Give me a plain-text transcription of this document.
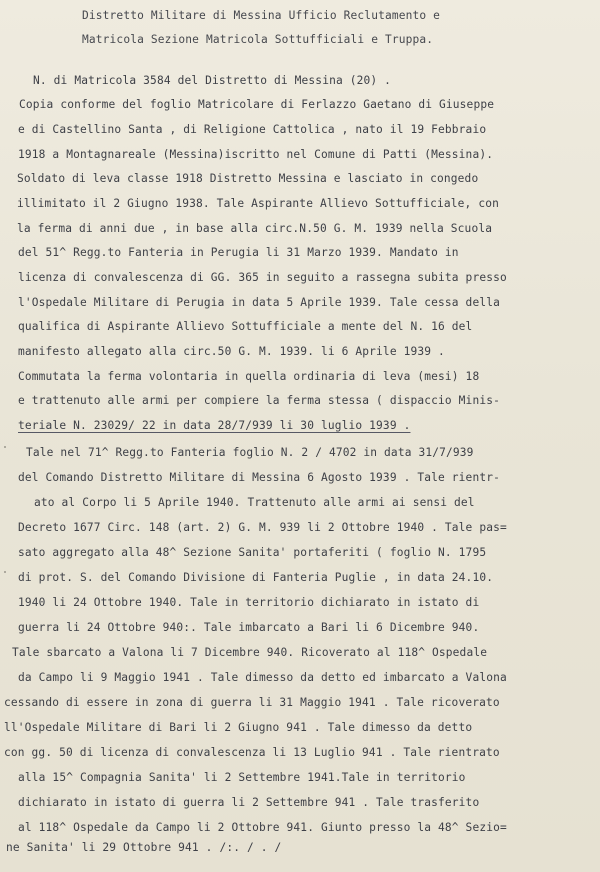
Distretto Militare di Messina Ufficio Reclutamento e
Matricola Sezione Matricola Sottufficiali e Truppa.
N. di Matricola 3584 del Distretto di Messina (20) .
Copia conforme del foglio Matricolare di Ferlazzo Gaetano di Giuseppe
e di Castellino Santa , di Religione Cattolica , nato il 19 Febbraio
1918 a Montagnareale (Messina)iscritto nel Comune di Patti (Messina).
Soldato di leva classe 1918 Distretto Messina e lasciato in congedo
illimitato il 2 Giugno 1938. Tale Aspirante Allievo Sottufficiale, con
la ferma di anni due , in base alla circ.N.50 G. M. 1939 nella Scuola
del 51^ Regg.to Fanteria in Perugia li 31 Marzo 1939. Mandato in
licenza di convalescenza di GG. 365 in seguito a rassegna subita presso
l'Ospedale Militare di Perugia in data 5 Aprile 1939. Tale cessa della
qualifica di Aspirante Allievo Sottufficiale a mente del N. 16 del
manifesto allegato alla circ.50 G. M. 1939. li 6 Aprile 1939 .
Commutata la ferma volontaria in quella ordinaria di leva (mesi) 18
e trattenuto alle armi per compiere la ferma stessa ( dispaccio Minis-
teriale N. 23029/ 22 in data 28/7/939 li 30 luglio 1939 .
Tale nel 71^ Regg.to Fanteria foglio N. 2 / 4702 in data 31/7/939
del Comando Distretto Militare di Messina 6 Agosto 1939 . Tale rientr-
ato al Corpo li 5 Aprile 1940. Trattenuto alle armi ai sensi del
Decreto 1677 Circ. 148 (art. 2) G. M. 939 li 2 Ottobre 1940 . Tale pas=
sato aggregato alla 48^ Sezione Sanita' portaferiti ( foglio N. 1795
di prot. S. del Comando Divisione di Fanteria Puglie , in data 24.10.
1940 li 24 Ottobre 1940. Tale in territorio dichiarato in istato di
guerra li 24 Ottobre 940:. Tale imbarcato a Bari li 6 Dicembre 940.
Tale sbarcato a Valona li 7 Dicembre 940. Ricoverato al 118^ Ospedale
da Campo li 9 Maggio 1941 . Tale dimesso da detto ed imbarcato a Valona
cessando di essere in zona di guerra li 31 Maggio 1941 . Tale ricoverato
ll'Ospedale Militare di Bari li 2 Giugno 941 . Tale dimesso da detto
con gg. 50 di licenza di convalescenza li 13 Luglio 941 . Tale rientrato
alla 15^ Compagnia Sanita' li 2 Settembre 1941.Tale in territorio
dichiarato in istato di guerra li 2 Settembre 941 . Tale trasferito
al 118^ Ospedale da Campo li 2 Ottobre 941. Giunto presso la 48^ Sezio=
ne Sanita' li 29 Ottobre 941 . /:. / . /
